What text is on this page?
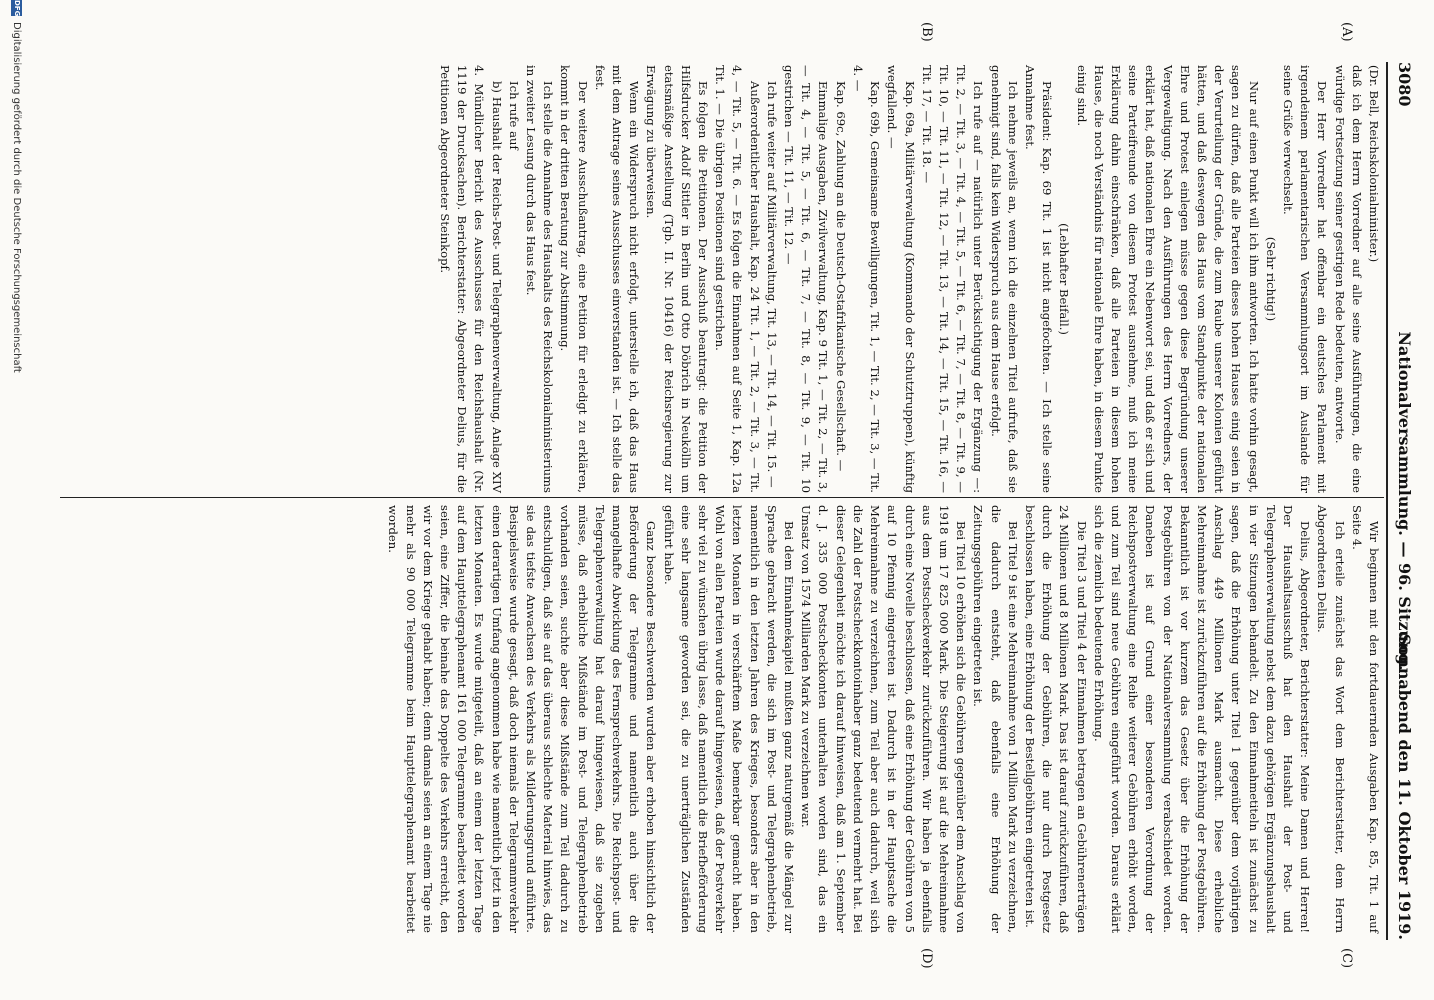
3080
Nationalversammlung. — 96. Sitzung.
Sonnabend den 11. Oktober 1919.
(A)
(B)
(C)
(D)

(Dr. Bell, Reichskolonialminister.)

daß ich dem Herrn Vorredner auf alle seine Ausführungen, die eine würdige Fortsetzung seiner gestrigen Rede bedeuten, antworte.

Der Herr Vorredner hat offenbar ein deutsches Parlament mit irgendeinem parlamentarischen Versammlungsort im Auslande für seine Grüße verwechselt.

(Sehr richtig!)

Nur auf einen Punkt will ich ihm antworten. Ich hatte vorhin gesagt, sagen zu dürfen, daß alle Parteien dieses hohen Hauses einig seien in der Verurteilung der Gründe, die zum Raube unserer Kolonien geführt hätten, und daß deswegen das Haus vom Standpunkte der nationalen Ehre und Protest einlegen müsse gegen diese Begründung unserer Vergewaltigung. Nach den Ausführungen des Herrn Vorredners, der erklärt hat, daß nationalen Ehre ein Nebenwort sei, und daß er sich und seine Parteifreunde von diesem Protest ausnehme, muß ich meine Erklärung dahin einschränken, daß alle Parteien in diesem hohen Hause, die noch Verständnis für nationale Ehre haben, in diesem Punkte einig sind.

(Lebhafter Beifall.)

Präsident: Kap. 69 Tit. 1 ist nicht angefochten. — Ich stelle seine Annahme fest.

Ich nehme jeweils an, wenn ich die einzelnen Titel aufrufe, daß sie genehmigt sind, falls kein Widerspruch aus dem Hause erfolgt.

Ich rufe auf — natürlich unter Berücksichtigung der Ergänzung —: Tit. 2, — Tit. 3, — Tit. 4, — Tit. 5, — Tit. 6, — Tit. 7, — Tit. 8, — Tit. 9, — Tit. 10, — Tit. 11, — Tit. 12, — Tit. 13, — Tit. 14, — Tit. 15, — Tit. 16, — Tit. 17, — Tit. 18. —

Kap. 69a, Militärverwaltung (Kommando der Schutztruppen), künftig wegfallend. —

Kap. 69b, Gemeinsame Bewilligungen, Tit. 1, — Tit. 2, — Tit. 3, — Tit. 4. —

Kap. 69c, Zahlung an die Deutsch-Ostafrikanische Gesellschaft. —

Einmalige Ausgaben, Zivilverwaltung, Kap. 9 Tit. 1, — Tit. 2, — Tit. 3, — Tit. 4, — Tit. 5, — Tit. 6, — Tit. 7, — Tit. 8, — Tit. 9, — Tit. 10 gestrichen — Tit. 11, — Tit. 12. —

Ich rufe weiter auf Militärverwaltung, Tit. 13, — Tit. 14, — Tit. 15. —

Außerordentlicher Haushalt, Kap. 24 Tit. 1, — Tit. 2, — Tit. 3, — Tit. 4, — Tit. 5, — Tit. 6. — Es folgen die Einnahmen auf Seite 1, Kap. 12a Tit. 1. — Die übrigen Positionen sind gestrichen.

Es folgen die Petitionen. Der Ausschuß beantragt: die Petition der Hilfsdrucker Adolf Sittler in Berlin und Otto Döbrich in Neukölln um etatsmäßige Anstellung (Tgb. II. Nr. 10416) der Reichsregierung zur Erwägung zu überweisen.

Wenn ein Widerspruch nicht erfolgt, unterstelle ich, daß das Haus mit dem Antrage seines Ausschusses einverstanden ist. — Ich stelle das fest.

Der weitere Ausschußantrag, eine Petition für erledigt zu erklären, kommt in der dritten Beratung zur Abstimmung.

Ich stelle die Annahme des Haushalts des Reichskolonialministeriums in zweiter Lesung durch das Haus fest.

Ich rufe auf

b) Haushalt der Reichs-Post- und Telegraphenverwaltung, Anlage XIV 4. Mündlicher Bericht des Ausschusses für den Reichshaushalt (Nr. 1119 der Drucksachen). Berichterstatter: Abgeordneter Delius, für die Petitionen Abgeordneter Steinkopf.

Wir beginnen mit den fortdauernden Ausgaben Kap. 85, Tit. 1 auf Seite 4.

Ich erteile zunächst das Wort dem Berichterstatter, dem Herrn Abgeordneten Delius.

Delius, Abgeordneter, Berichterstatter: Meine Damen und Herren! Der Haushaltsausschuß hat den Haushalt der Post- und Telegraphenverwaltung nebst dem dazu gehörigen Ergänzungshaushalt in vier Sitzungen behandelt. Zu den Einnahmetiteln ist zunächst zu sagen, daß die Erhöhung unter Titel 1 gegenüber dem vorjährigen Anschlag 449 Millionen Mark ausmacht. Diese erhebliche Mehreinnahme ist zurückzuführen auf die Erhöhung der Postgebühren. Bekanntlich ist vor kurzem das Gesetz über die Erhöhung der Postgebühren von der Nationalversammlung verabschiedet worden. Daneben ist auf Grund einer besonderen Verordnung der Reichspostverwaltung eine Reihe weiterer Gebühren erhöht worden, und zum Teil sind neue Gebühren eingeführt worden. Daraus erklärt sich die ziemlich bedeutende Erhöhung.

Die Titel 3 und Titel 4 der Einnahmen betragen an Gebührenerträgen 24 Millionen und 8 Millionen Mark. Das ist darauf zurückzuführen, daß durch die Erhöhung der Gebühren, die nur durch Postgesetz beschlossen haben, eine Erhöhung der Bestellgebühren eingetreten ist.

Bei Titel 9 ist eine Mehreinnahme von 1 Million Mark zu verzeichnen, die dadurch entsteht, daß ebenfalls eine Erhöhung der Zeitungsgebühren eingetreten ist.

Bei Titel 10 erhöhen sich die Gebühren gegenüber dem Anschlag von 1918 um 17 825 000 Mark. Die Steigerung ist auf die Mehreinnahme aus dem Postscheckverkehr zurückzuführen. Wir haben ja ebenfalls durch eine Novelle beschlossen, daß eine Erhöhung der Gebühren von 5 auf 10 Pfennig eingetreten ist. Dadurch ist in der Hauptsache die Mehreinnahme zu verzeichnen, zum Teil aber auch dadurch, weil sich die Zahl der Postscheckkontoinhaber ganz bedeutend vermehrt hat. Bei dieser Gelegenheit möchte ich darauf hinweisen, daß am 1. September d. J. 335 000 Postscheckkonten unterhalten worden sind, das ein Umsatz von 1574 Milliarden Mark zu verzeichnen war.

Bei dem Einnahmekapitel mußten ganz naturgemäß die Mängel zur Sprache gebracht werden, die sich im Post- und Telegraphenbetrieb, namentlich in den letzten Jahren des Krieges, besonders aber in den letzten Monaten in verschärftem Maße bemerkbar gemacht haben. Wohl von allen Parteien wurde darauf hingewiesen, daß der Postverkehr sehr viel zu wünschen übrig lasse, daß namentlich die Briefbeförderung eine sehr langsame geworden sei, die zu unerträglichen Zuständen geführt habe.

Ganz besondere Beschwerden wurden aber erhoben hinsichtlich der Beförderung der Telegramme und namentlich auch über die mangelhafte Abwicklung des Fernsprechverkehrs. Die Reichspost- und Telegraphenverwaltung hat darauf hingewiesen, daß sie zugeben müsse, daß erhebliche Mißstände im Post- und Telegraphenbetrieb vorhanden seien, suchte aber diese Mißstände zum Teil dadurch zu entschuldigen, daß sie auf das überaus schlechte Material hinwies, das sie das tiefste Anwachsen des Verkehrs als Milderungsgrund anführte. Beispielsweise wurde gesagt, daß doch niemals der Telegrammverkehr einen derartigen Umfang angenommen habe wie namentlich jetzt in den letzten Monaten. Es wurde mitgeteilt, daß an einem der letzten Tage auf dem Haupttelegraphenamt 161 000 Telegramme bearbeitet worden seien, eine Ziffer, die beinahe das Doppelte des Verkehrs erreicht, den wir vor dem Kriege gehabt haben; denn damals seien an einem Tage nie mehr als 90 000 Telegramme beim Haupttelegraphenamt bearbeitet worden.

DFG
Digitalisierung gefördert durch die Deutsche Forschungsgemeinschaft
